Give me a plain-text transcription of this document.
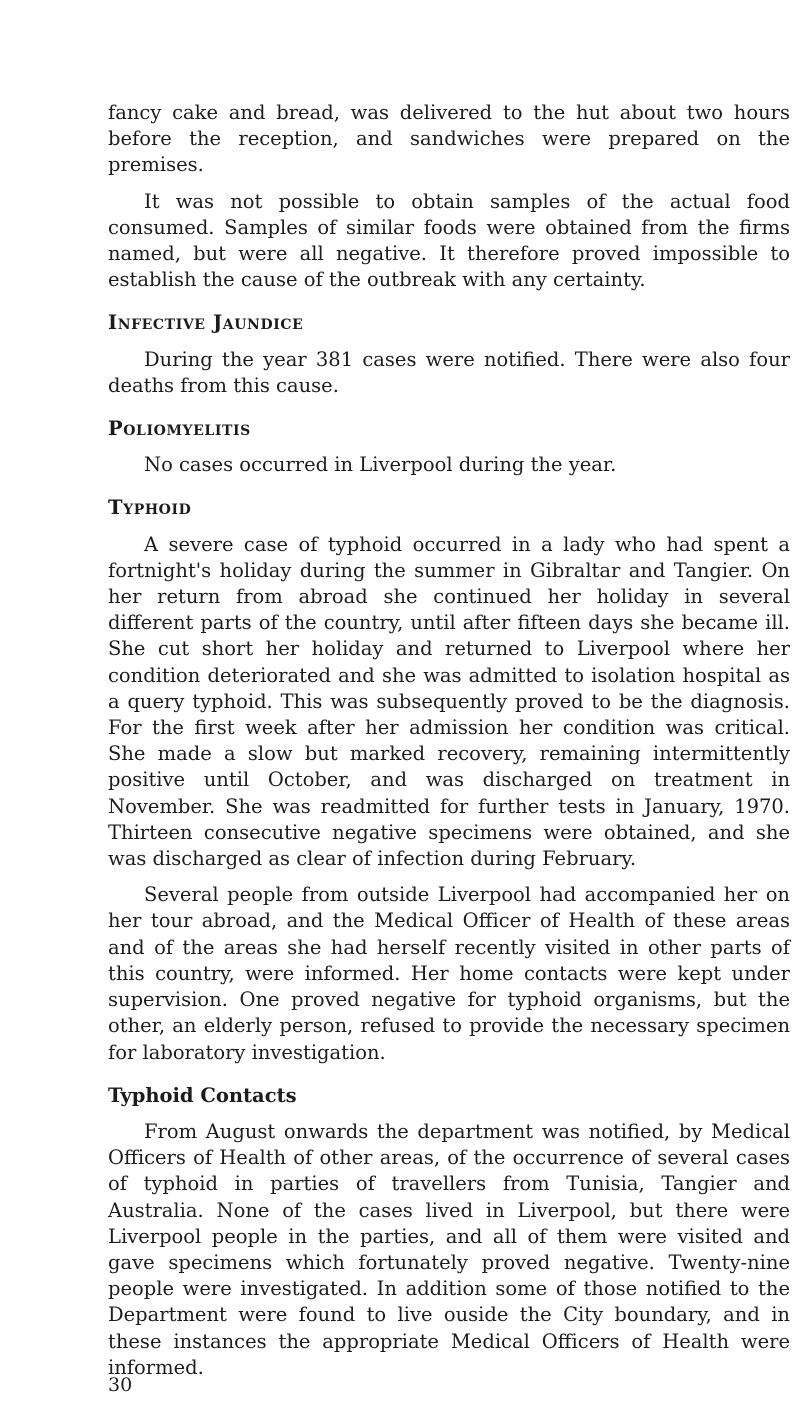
fancy cake and bread, was delivered to the hut about two hours before the reception, and sandwiches were prepared on the premises.

It was not possible to obtain samples of the actual food consumed. Samples of similar foods were obtained from the firms named, but were all negative. It therefore proved impossible to establish the cause of the outbreak with any certainty.

Infective Jaundice

During the year 381 cases were notified. There were also four deaths from this cause.

Poliomyelitis

No cases occurred in Liverpool during the year.

Typhoid

A severe case of typhoid occurred in a lady who had spent a fortnight's holiday during the summer in Gibraltar and Tangier. On her return from abroad she continued her holiday in several different parts of the country, until after fifteen days she became ill. She cut short her holiday and returned to Liverpool where her condition deteriorated and she was admitted to isolation hospital as a query typhoid. This was subsequently proved to be the diagnosis. For the first week after her admission her condition was critical. She made a slow but marked recovery, remaining intermittently positive until October, and was discharged on treatment in November. She was readmitted for further tests in January, 1970. Thirteen consecutive negative specimens were obtained, and she was discharged as clear of infection during February.

Several people from outside Liverpool had accompanied her on her tour abroad, and the Medical Officer of Health of these areas and of the areas she had herself recently visited in other parts of this country, were informed. Her home contacts were kept under supervision. One proved negative for typhoid organisms, but the other, an elderly person, refused to provide the necessary specimen for laboratory investigation.

Typhoid Contacts

From August onwards the department was notified, by Medical Officers of Health of other areas, of the occurrence of several cases of typhoid in parties of travellers from Tunisia, Tangier and Australia. None of the cases lived in Liverpool, but there were Liverpool people in the parties, and all of them were visited and gave specimens which fortunately proved negative. Twenty-nine people were investigated. In addition some of those notified to the Department were found to live ouside the City boundary, and in these instances the appropriate Medical Officers of Health were informed.

30
